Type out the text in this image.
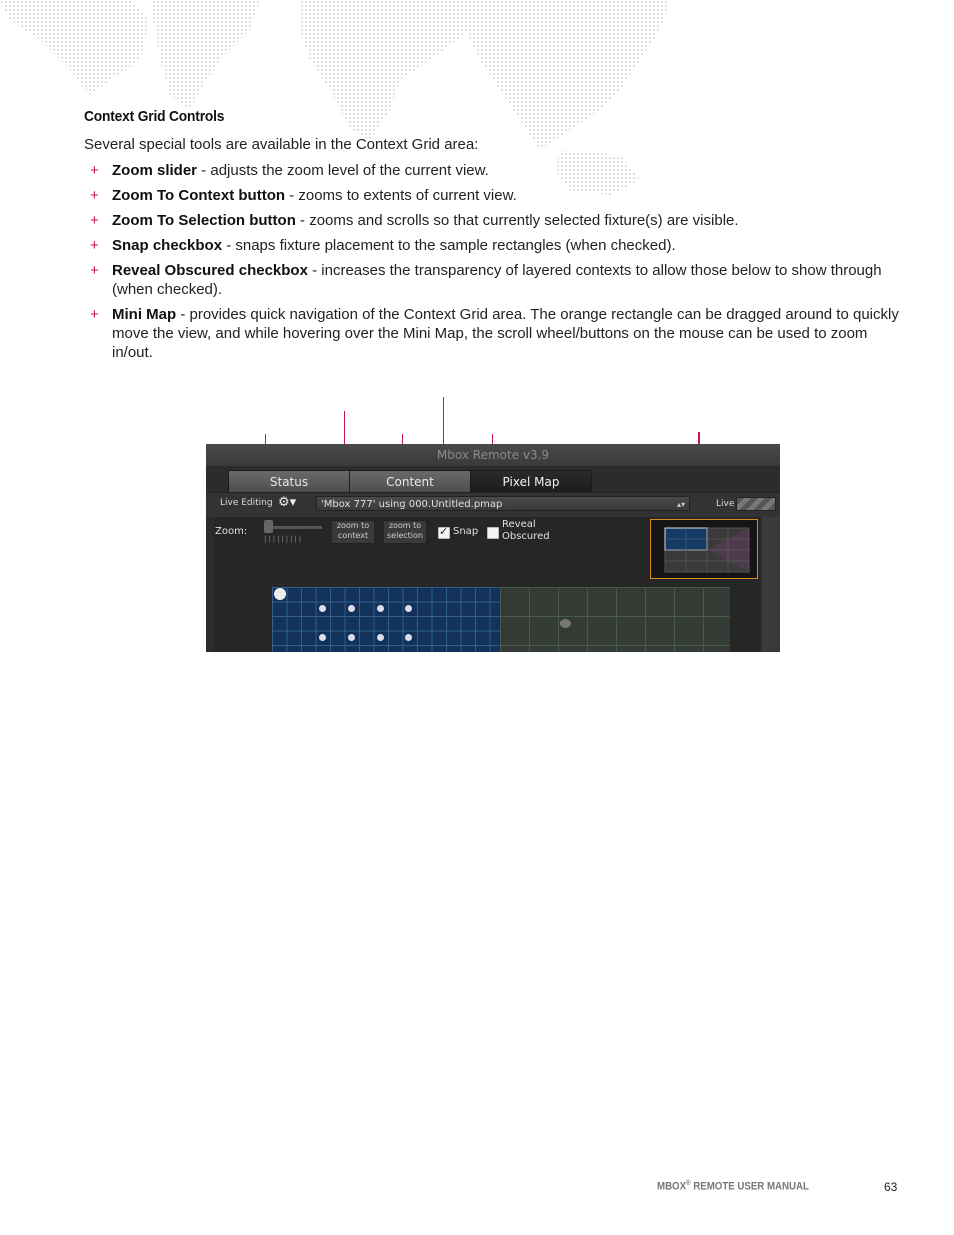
Context Grid Controls
Several special tools are available in the Context Grid area:
+ Zoom slider - adjusts the zoom level of the current view.
+ Zoom To Context button - zooms to extents of current view.
+ Zoom To Selection button - zooms and scrolls so that currently selected fixture(s) are visible.
+ Snap checkbox - snaps fixture placement to the sample rectangles (when checked).
+ Reveal Obscured checkbox - increases the transparency of layered contexts to allow those below to show through (when checked).
+ Mini Map - provides quick navigation of the Context Grid area. The orange rectangle can be dragged around to quickly move the view, and while hovering over the Mini Map, the scroll wheel/buttons on the mouse can be used to zoom in/out.
Mbox Remote v3.9
Status	Content	Pixel Map
Live Editing ⚙▾	'Mbox 777' using 000.Untitled.pmap	▴▾	Live
Zoom:
|||||||||
zoom to
context
zoom to
selection	✓ Snap
Reveal
Obscured
MBOX® REMOTE USER MANUAL	63
